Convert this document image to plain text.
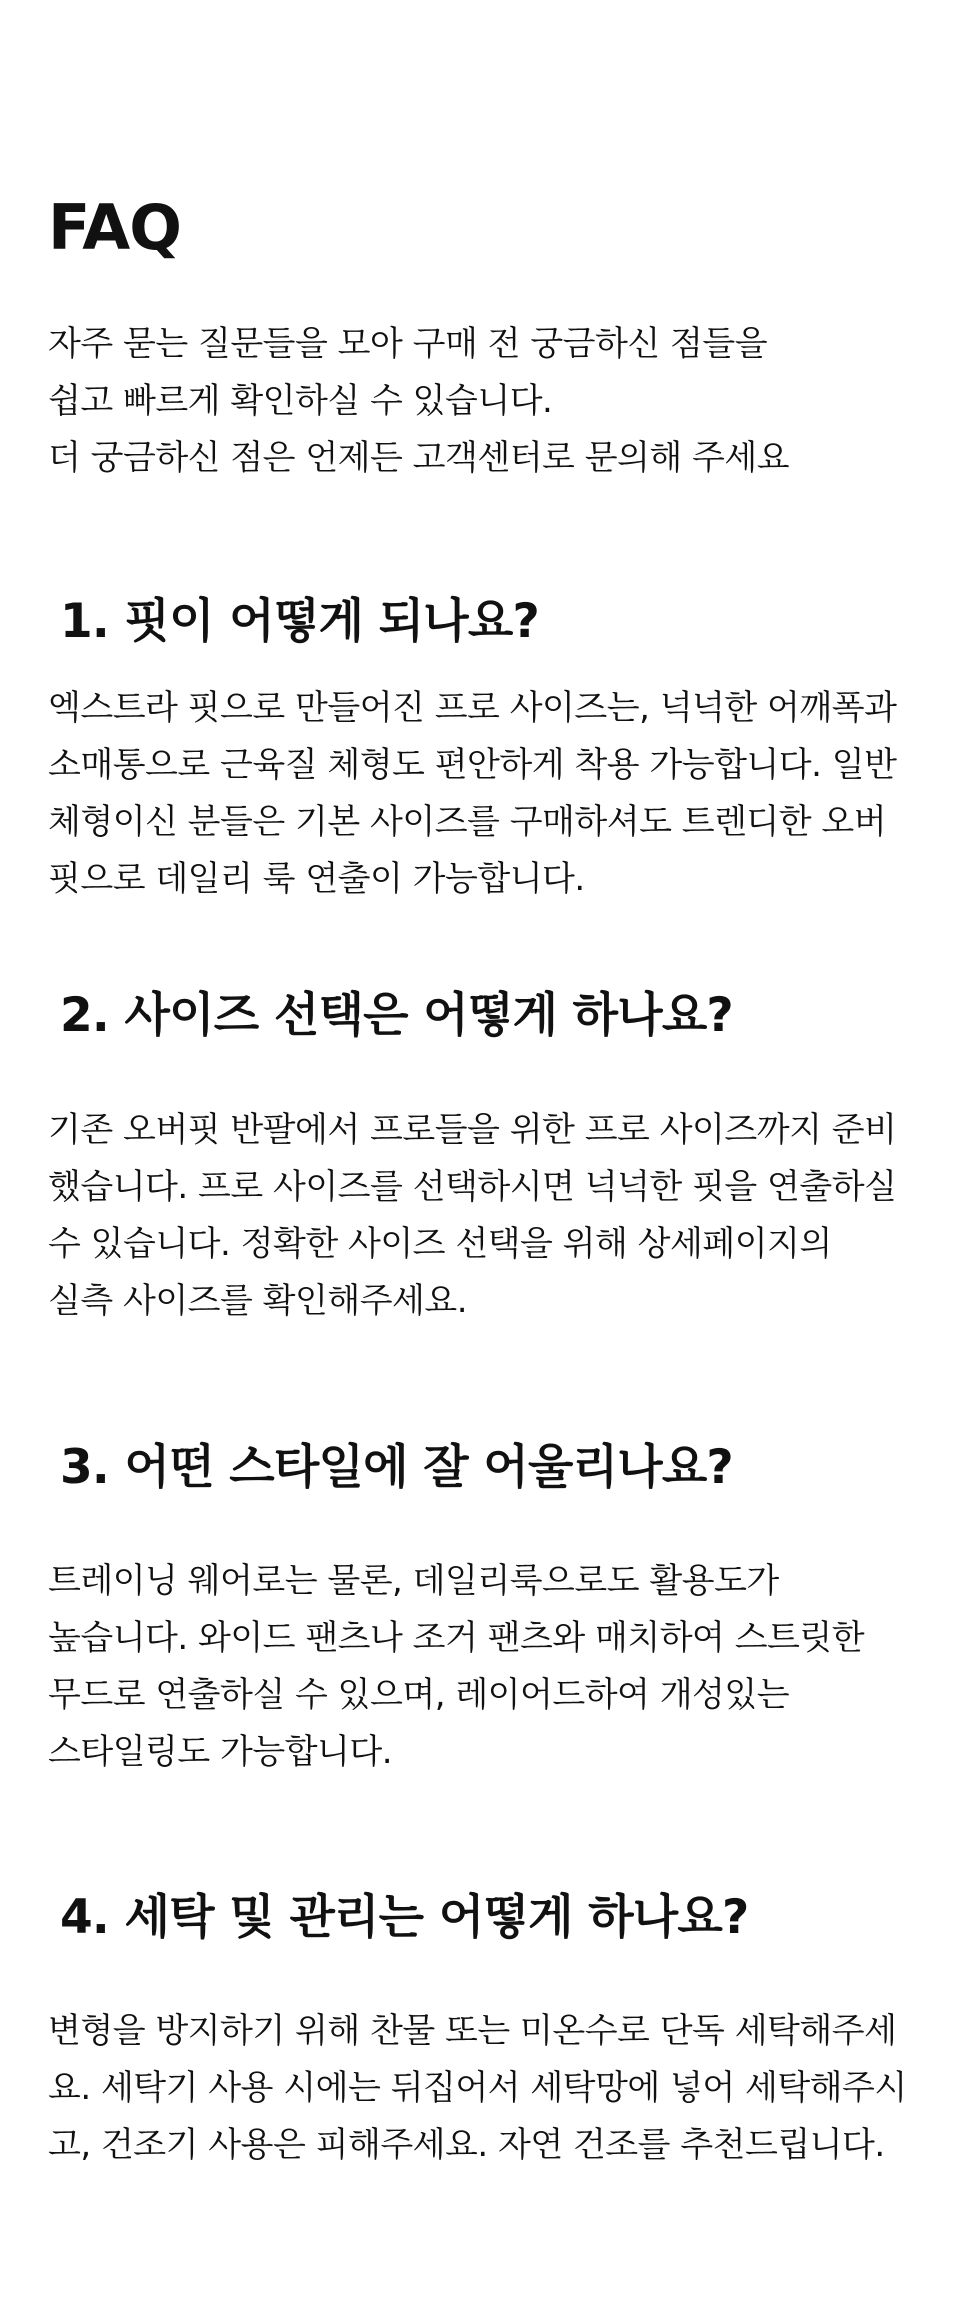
FAQ
자주 묻는 질문들을 모아 구매 전 궁금하신 점들을
쉽고 빠르게 확인하실 수 있습니다.
더 궁금하신 점은 언제든 고객센터로 문의해 주세요
1. 핏이 어떻게 되나요?
엑스트라 핏으로 만들어진 프로 사이즈는, 넉넉한 어깨폭과
소매통으로 근육질 체형도 편안하게 착용 가능합니다. 일반
체형이신 분들은 기본 사이즈를 구매하셔도 트렌디한 오버
핏으로 데일리 룩 연출이 가능합니다.
2. 사이즈 선택은 어떻게 하나요?
기존 오버핏 반팔에서 프로들을 위한 프로 사이즈까지 준비
했습니다. 프로 사이즈를 선택하시면 넉넉한 핏을 연출하실
수 있습니다. 정확한 사이즈 선택을 위해 상세페이지의
실측 사이즈를 확인해주세요.
3. 어떤 스타일에 잘 어울리나요?
트레이닝 웨어로는 물론, 데일리룩으로도 활용도가
높습니다. 와이드 팬츠나 조거 팬츠와 매치하여 스트릿한
무드로 연출하실 수 있으며, 레이어드하여 개성있는
스타일링도 가능합니다.
4. 세탁 및 관리는 어떻게 하나요?
변형을 방지하기 위해 찬물 또는 미온수로 단독 세탁해주세
요. 세탁기 사용 시에는 뒤집어서 세탁망에 넣어 세탁해주시
고, 건조기 사용은 피해주세요. 자연 건조를 추천드립니다.
